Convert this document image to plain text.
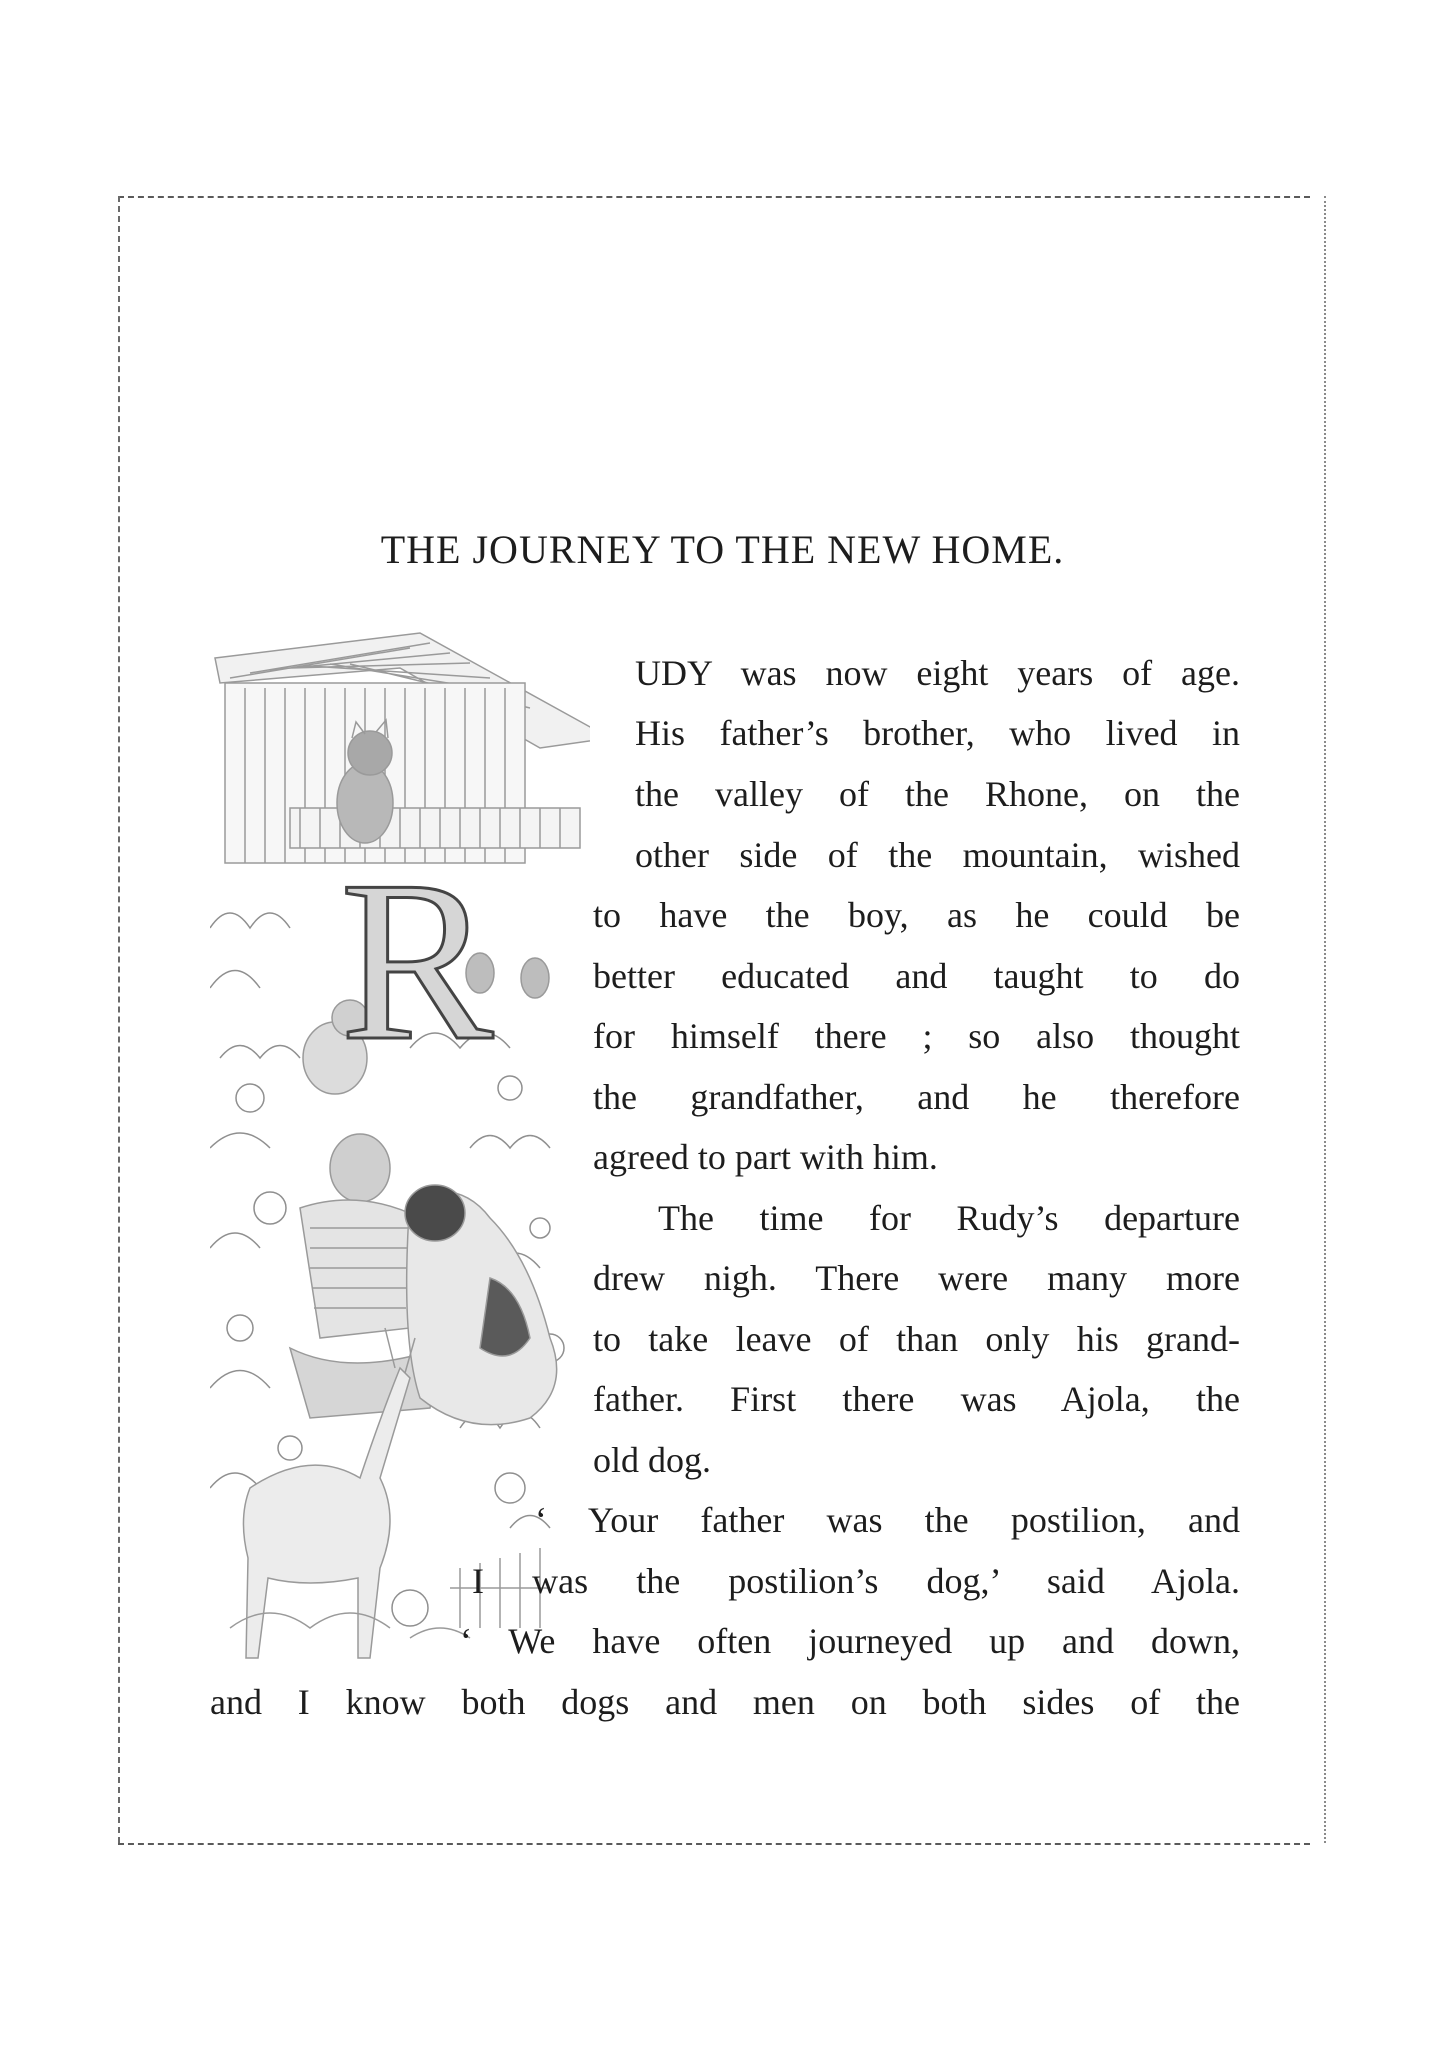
THE JOURNEY TO THE NEW HOME.
R
UDY was now eight years of age.
His father’s brother, who lived in
the valley of the Rhone, on the
other side of the mountain, wished
to have the boy, as he could be
better educated and taught to do
for himself there ; so also thought
the grandfather, and he therefore
agreed to part with him.
The time for Rudy’s departure
drew nigh. There were many more
to take leave of than only his grand-
father. First there was Ajola, the
old dog.
‘ Your father was the postilion, and
I was the postilion’s dog,’ said Ajola.
‘ We have often journeyed up and down,
and I know both dogs and men on both sides of the
